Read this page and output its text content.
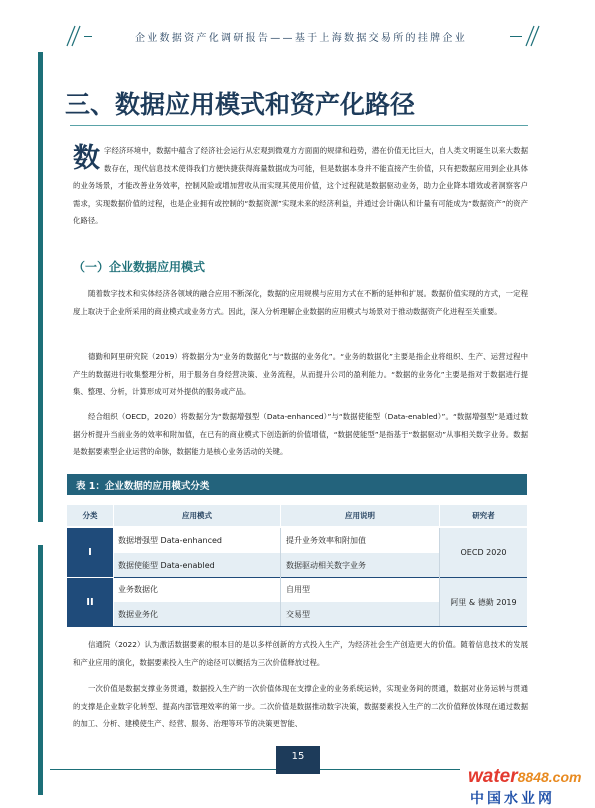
企业数据资产化调研报告——基于上海数据交易所的挂牌企业
三、数据应用模式和资产化路径
数 字经济环境中，数据中蕴含了经济社会运行从宏观到微观方方面面的规律和趋势，潜在价值无比巨大，自人类文明诞生以来大数据数存在，现代信息技术使得我们方便快捷获得海量数据成为可能，但是数据本身并不能直接产生价值，只有把数据应用到企业具体的业务场景，才能改善业务效率，控制风险或增加营收从而实现其使用价值，这个过程就是数据驱动业务，助力企业降本增效或者洞察客户需求，实现数据价值的过程，也是企业拥有或控制的“数据资源”实现未来的经济利益，并通过会计确认和计量有可能成为“数据资产”的资产化路径。

（一）企业数据应用模式

随着数字技术和实体经济各领域的融合应用不断深化，数据的应用规模与应用方式在不断的延伸和扩展。数据价值实现的方式，一定程度上取决于企业所采用的商业模式或业务方式。因此，深入分析理解企业数据的应用模式与场景对于推动数据资产化进程至关重要。

德勤和阿里研究院（2019）将数据分为“业务的数据化”与“数据的业务化”。“业务的数据化”主要是指企业将组织、生产、运营过程中产生的数据进行收集整理分析，用于服务自身经营决策、业务流程，从而提升公司的盈利能力。“数据的业务化”主要是指对于数据进行提集、整理、分析，计算形成可对外提供的服务或产品。

经合组织（OECD，2020）将数据分为“数据增强型（Data-enhanced）”与“数据使能型（Data-enabled）”。“数据增强型”是通过数据分析提升当前业务的效率和附加值，在已有的商业模式下创造新的价值增值，“数据使能型”是指基于“数据驱动”从事相关数字业务。数据是数据要素型企业运营的命脉，数据能力是核心业务活动的关键。

表 1：企业数据的应用模式分类
分类	应用模式	应用说明	研究者
I
数据增强型 Data-enhanced	提升业务效率和附加值
数据使能型 Data-enabled	数据驱动相关数字业务
OECD 2020
II
业务数据化	自用型
数据业务化	交易型
阿里 & 德勤 2019

信通院（2022）认为激活数据要素的根本目的是以多样创新的方式投入生产，为经济社会生产创造更大的价值。随着信息技术的发展和产业应用的演化，数据要素投入生产的途径可以概括为三次价值释放过程。

一次价值是数据支撑业务贯通，数据投入生产的一次价值体现在支撑企业的业务系统运转，实现业务间的贯通，数据对业务运转与贯通的支撑是企业数字化转型、提高内部管理效率的第一步。二次价值是数据推动数字决策，数据要素投入生产的二次价值释放体现在通过数据的加工、分析、建模使生产、经营、服务、治理等环节的决策更智能、

15
water8848.com
中国水业网
